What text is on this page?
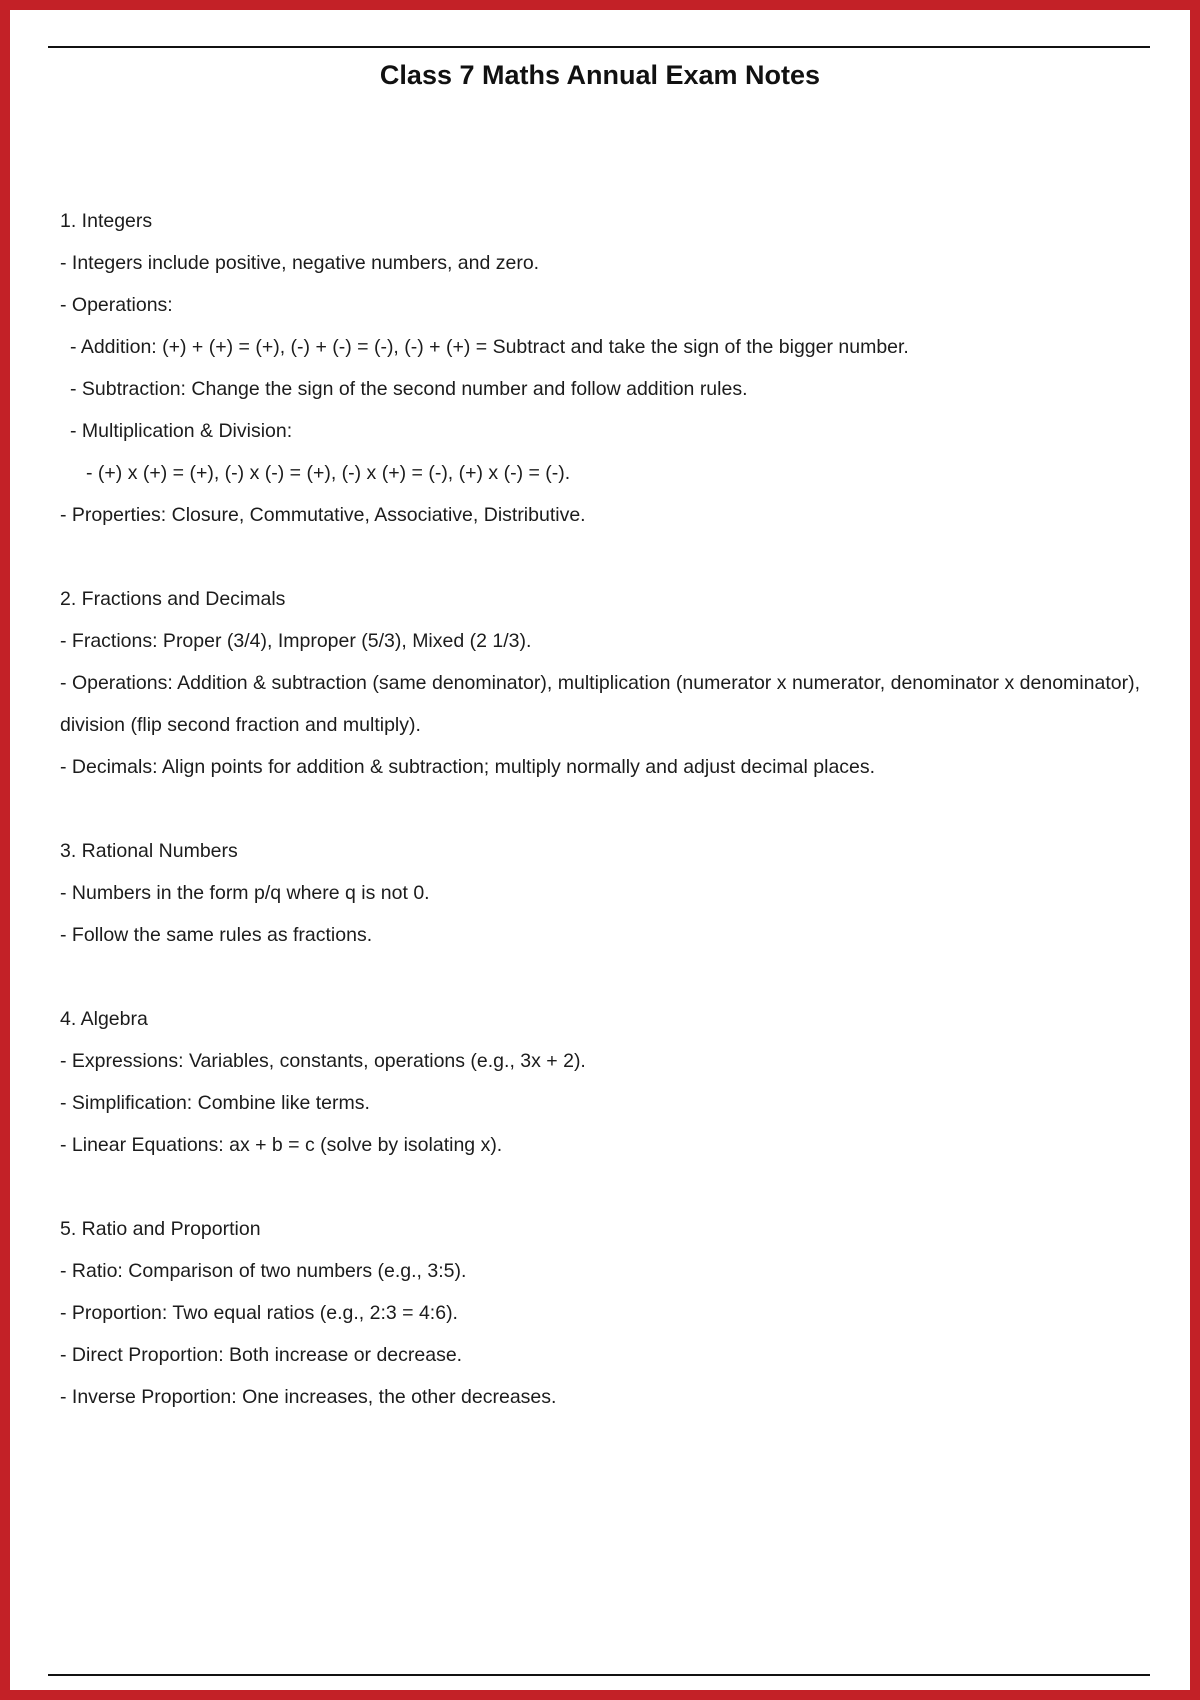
Class 7 Maths Annual Exam Notes

1. Integers

- Integers include positive, negative numbers, and zero.

- Operations:

- Addition: (+) + (+) = (+), (-) + (-) = (-), (-) + (+) = Subtract and take the sign of the bigger number.

- Subtraction: Change the sign of the second number and follow addition rules.

- Multiplication & Division:

- (+) x (+) = (+), (-) x (-) = (+), (-) x (+) = (-), (+) x (-) = (-).

- Properties: Closure, Commutative, Associative, Distributive.

2. Fractions and Decimals

- Fractions: Proper (3/4), Improper (5/3), Mixed (2 1/3).

- Operations: Addition & subtraction (same denominator), multiplication (numerator x numerator, denominator x denominator), division (flip second fraction and multiply).

- Decimals: Align points for addition & subtraction; multiply normally and adjust decimal places.

3. Rational Numbers

- Numbers in the form p/q where q is not 0.

- Follow the same rules as fractions.

4. Algebra

- Expressions: Variables, constants, operations (e.g., 3x + 2).

- Simplification: Combine like terms.

- Linear Equations: ax + b = c (solve by isolating x).

5. Ratio and Proportion

- Ratio: Comparison of two numbers (e.g., 3:5).

- Proportion: Two equal ratios (e.g., 2:3 = 4:6).

- Direct Proportion: Both increase or decrease.

- Inverse Proportion: One increases, the other decreases.
